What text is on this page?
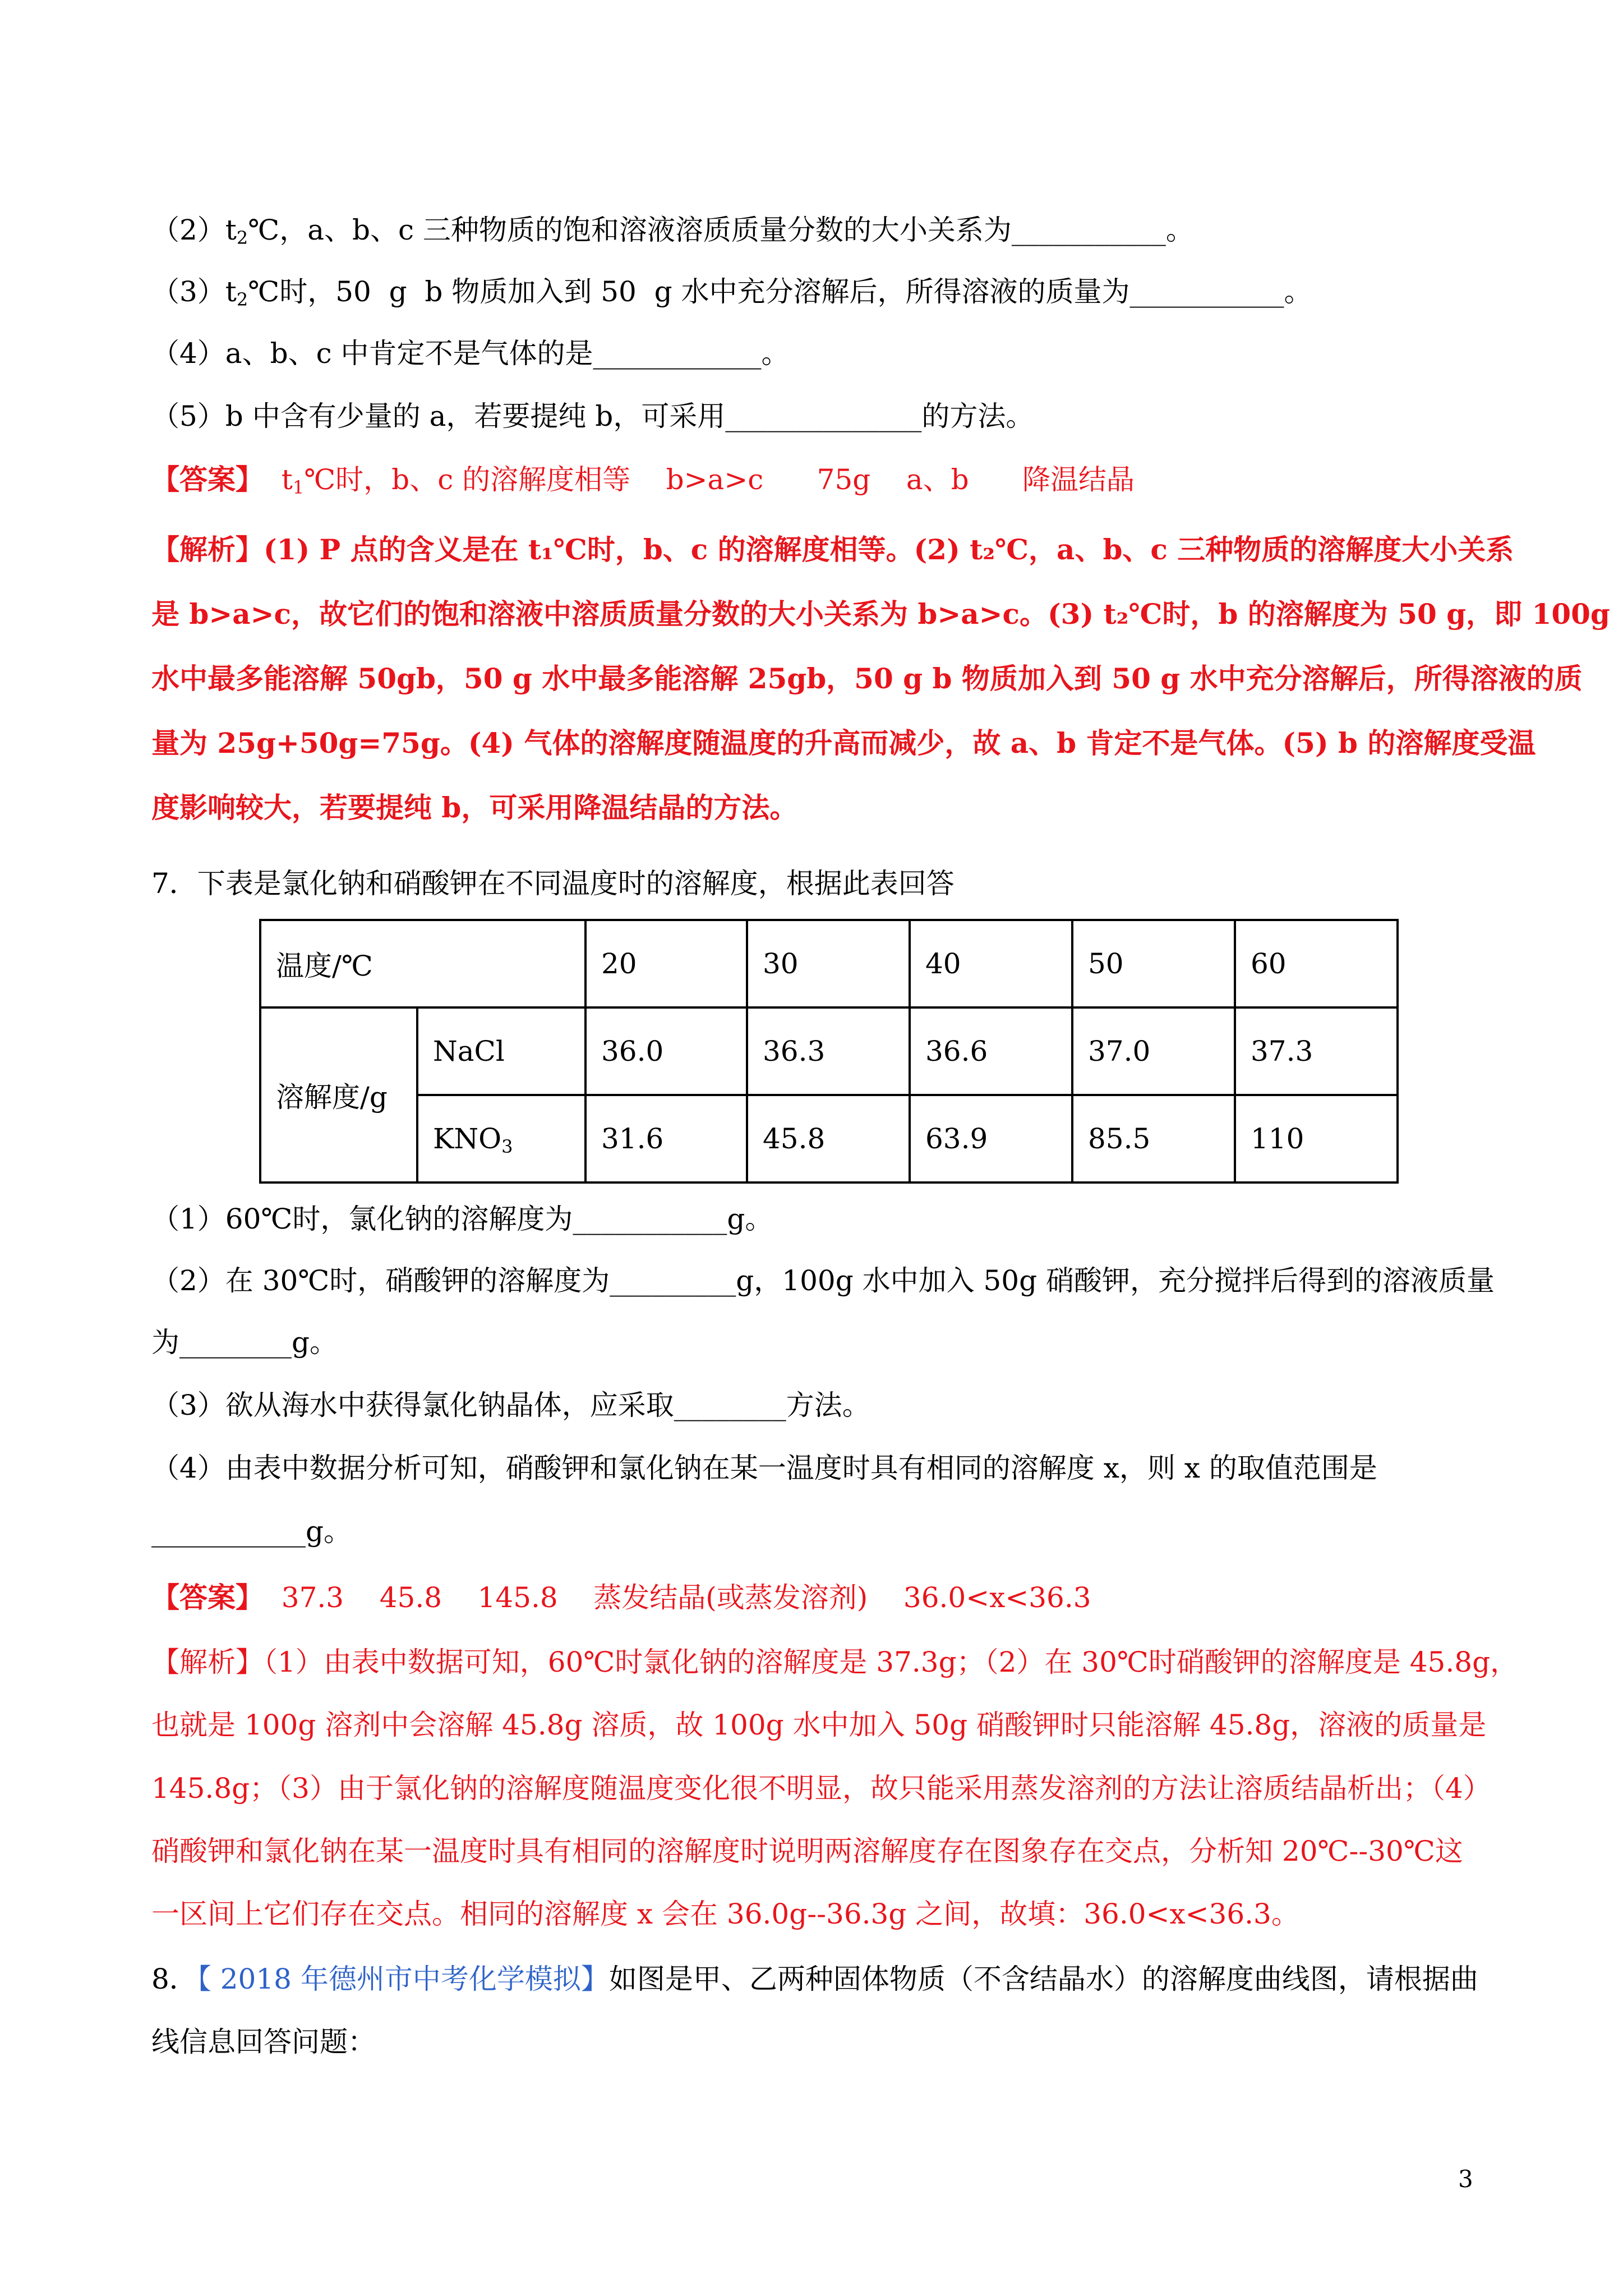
$(2)t_2℃$，a、b、c 三种物质的饱和溶液溶质质量分数的大小关系为___________。
$(3)t_2℃$时，50  g  b 物质加入到 50  g 水中充分溶解后，所得溶液的质量为___________。
（4）a、b、c 中肯定不是气体的是____________。
（5）b 中含有少量的 a，若要提纯 b，可采用______________的方法。
【答案】  $t_1℃$时，b、c 的溶解度相等    b>a>c      75g    a、b      降温结晶
【解析】(1) P 点的含义是在 t₁℃时，b、c 的溶解度相等。(2) t₂℃，a、b、c 三种物质的溶解度大小关系
是 b>a>c，故它们的饱和溶液中溶质质量分数的大小关系为 b>a>c。(3) t₂℃时，b 的溶解度为 50 g，即 100g
水中最多能溶解 50gb，50 g 水中最多能溶解 25gb，50 g b 物质加入到 50 g 水中充分溶解后，所得溶液的质
量为 25g+50g=75g。(4) 气体的溶解度随温度的升高而减少，故 a、b 肯定不是气体。(5) b 的溶解度受温
度影响较大，若要提纯 b，可采用降温结晶的方法。
7．下表是氯化钠和硝酸钾在不同温度时的溶解度，根据此表回答
温度/℃		20	30	40	50	60
溶解度/g	NaCl	36.0	36.3	36.6	37.0	37.3
	$KNO_3$	31.6	45.8	63.9	85.5	110
（1）60℃时，氯化钠的溶解度为___________g。
（2）在 30℃时，硝酸钾的溶解度为_________g，100g 水中加入 50g 硝酸钾，充分搅拌后得到的溶液质量
为________g。
（3）欲从海水中获得氯化钠晶体，应采取________方法。
（4）由表中数据分析可知，硝酸钾和氯化钠在某一温度时具有相同的溶解度 x，则 x 的取值范围是
___________g。
【答案】  37.3    45.8    145.8    蒸发结晶(或蒸发溶剂)    36.0<x<36.3
【解析】（1）由表中数据可知，60℃时氯化钠的溶解度是 37.3g；（2）在 30℃时硝酸钾的溶解度是 45.8g，
也就是 100g 溶剂中会溶解 45.8g 溶质，故 100g 水中加入 50g 硝酸钾时只能溶解 45.8g，溶液的质量是
145.8g；（3）由于氯化钠的溶解度随温度变化很不明显，故只能采用蒸发溶剂的方法让溶质结晶析出；（4）
硝酸钾和氯化钠在某一温度时具有相同的溶解度时说明两溶解度存在图象存在交点，分析知 20℃--30℃这
一区间上它们存在交点。相同的溶解度 x 会在 36.0g--36.3g 之间，故填：36.0<x<36.3。
8．【 2018 年德州市中考化学模拟】如图是甲、乙两种固体物质（不含结晶水）的溶解度曲线图，请根据曲
线信息回答问题：
3
